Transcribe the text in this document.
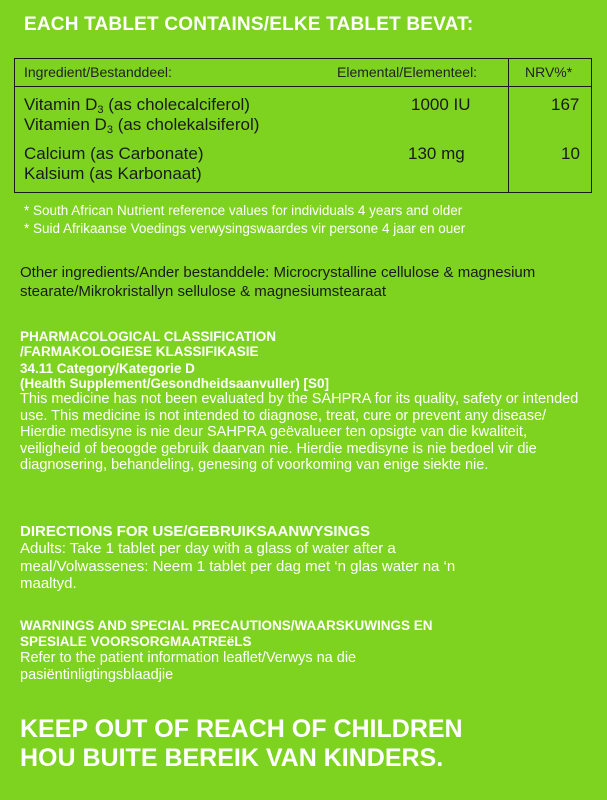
EACH TABLET CONTAINS/ELKE TABLET BEVAT:
Ingredient/Bestanddeel:	Elemental/Elementeel:	NRV%*
Vitamin $D_3$ (as cholecalciferol)
Vitamien $D_3$ (as cholekalsiferol)
1000 IU	167
Calcium (as Carbonate)
Kalsium (as Karbonaat)
130 mg	10
* South African Nutrient reference values for individuals 4 years and older
* Suid Afrikaanse Voedings verwysingswaardes vir persone 4 jaar en ouer
Other ingredients/Ander bestanddele: Microcrystalline cellulose & magnesium stearate/Mikrokristallyn sellulose & magnesiumstearaat
PHARMACOLOGICAL CLASSIFICATION
/FARMAKOLOGIESE KLASSIFIKASIE
34.11 Category/Kategorie D
(Health Supplement/Gesondheidsaanvuller) [S0]
This medicine has not been evaluated by the SAHPRA for its quality, safety or intended use. This medicine is not intended to diagnose, treat, cure or prevent any disease/ Hierdie medisyne is nie deur SAHPRA geëvalueer ten opsigte van die kwaliteit, veiligheid of beoogde gebruik daarvan nie. Hierdie medisyne is nie bedoel vir die diagnosering, behandeling, genesing of voorkoming van enige siekte nie.
DIRECTIONS FOR USE/GEBRUIKSAANWYSINGS
Adults: Take 1 tablet per day with a glass of water after a meal/Volwassenes: Neem 1 tablet per dag met ‘n glas water na ‘n maaltyd.
WARNINGS AND SPECIAL PRECAUTIONS/WAARSKUWINGS EN SPESIALE VOORSORGMAATREëLS
Refer to the patient information leaflet/Verwys na die pasiëntinligtingsblaadjie
KEEP OUT OF REACH OF CHILDREN
HOU BUITE BEREIK VAN KINDERS.
